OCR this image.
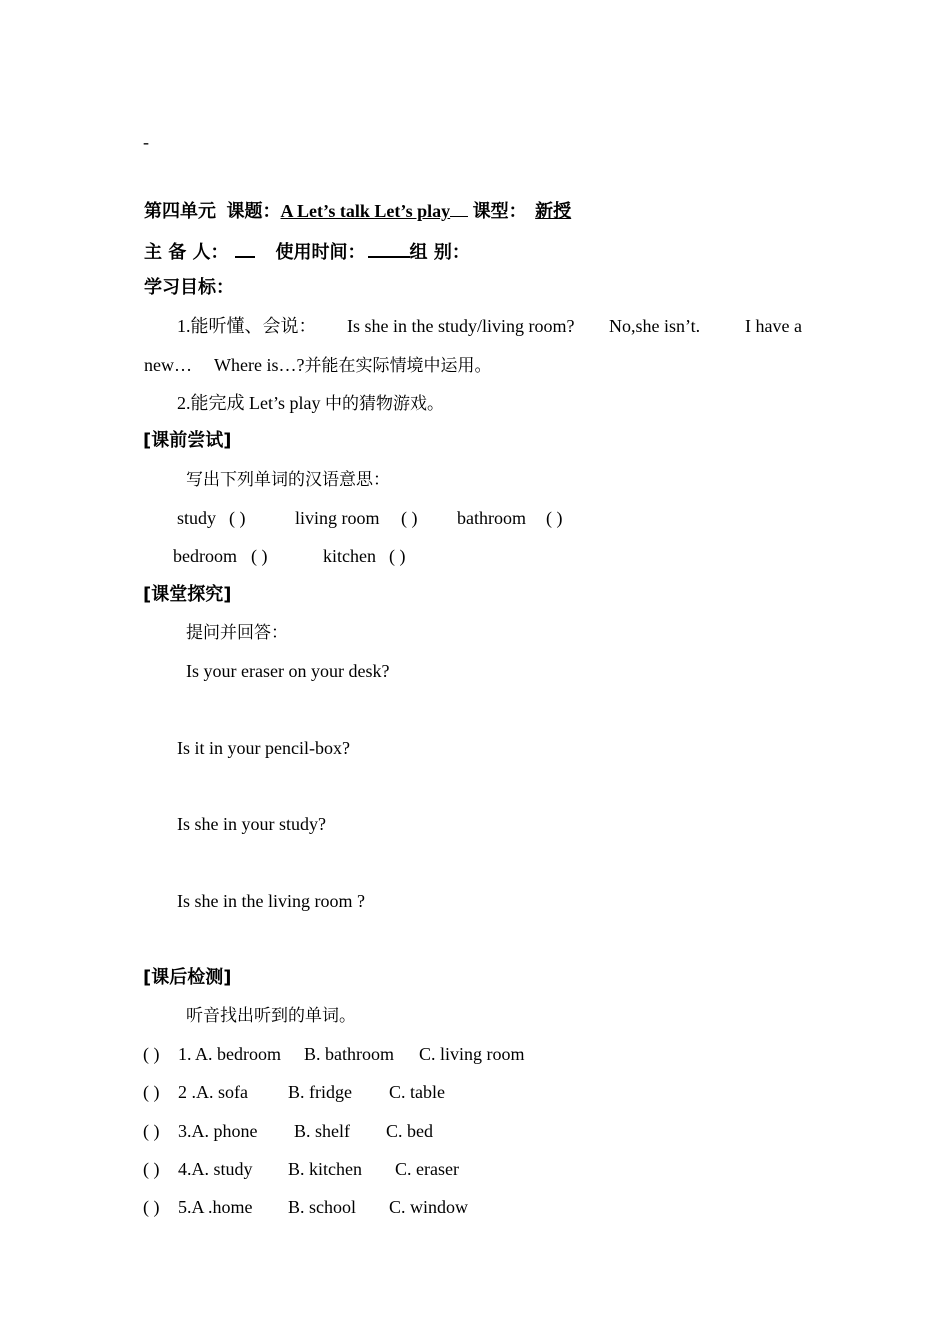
-
第四单元 课题：A Let’s talk Let’s play 课型： 新授
主 备 人：	使用时间： 组 别：
学习目标：
1.能听懂、会说： Is she in the study/living room? No,she isn’t. I have a
new… Where is…?并能在实际情境中运用。
2.能完成 Let’s play 中的猜物游戏。
[课前尝试]
写出下列单词的汉语意思：
study ( )	living room ( ) bathroom ( )
bedroom ( )	kitchen ( )
[课堂探究]
提问并回答：
Is your eraser on your desk?
Is it in your pencil-box?
Is she in your study?
Is she in the living room ?
[课后检测]
听音找出听到的单词。
( ) 1. A. bedroom B. bathroom C. living room
( ) 2 .A. sofa B. fridge C. table
( ) 3.A. phone B. shelf C. bed
( ) 4.A. study B. kitchen C. eraser
( ) 5.A .home B. school C. window
